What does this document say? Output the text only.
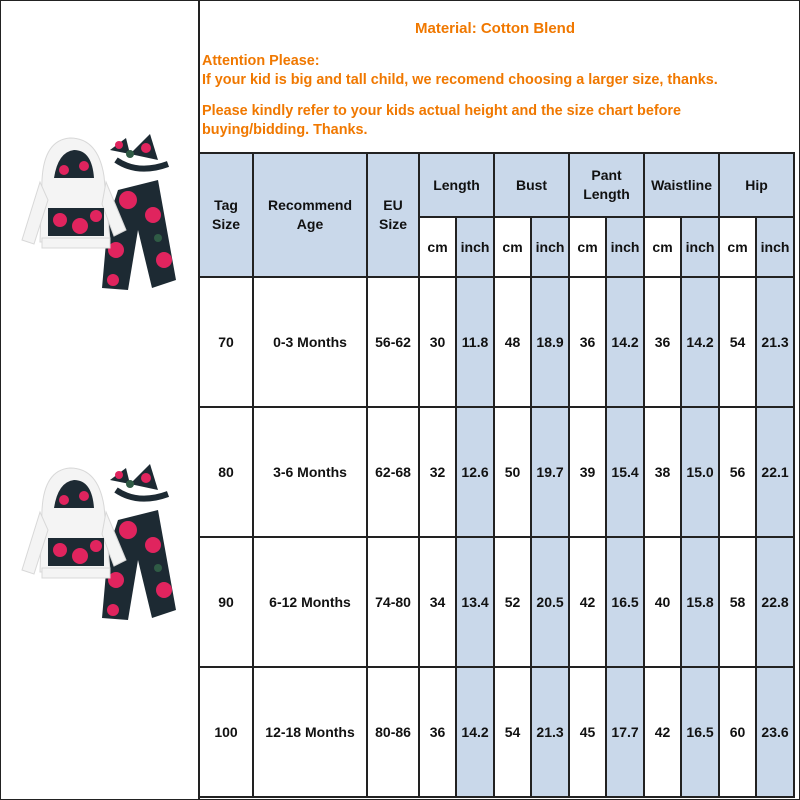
Material: Cotton Blend
Attention Please:
If your kid is big and tall child, we recomend choosing a larger size, thanks.
Please kindly refer to your kids actual height and the size chart before buying/bidding. Thanks.
Tag Size	Recommend Age	EU Size	Length		Bust		Pant Length		Waistline		Hip	
			cm	inch	cm	inch	cm	inch	cm	inch	cm	inch
70	0-3 Months	56-62	30	11.8	48	18.9	36	14.2	36	14.2	54	21.3
80	3-6 Months	62-68	32	12.6	50	19.7	39	15.4	38	15.0	56	22.1
90	6-12 Months	74-80	34	13.4	52	20.5	42	16.5	40	15.8	58	22.8
100	12-18 Months	80-86	36	14.2	54	21.3	45	17.7	42	16.5	60	23.6
